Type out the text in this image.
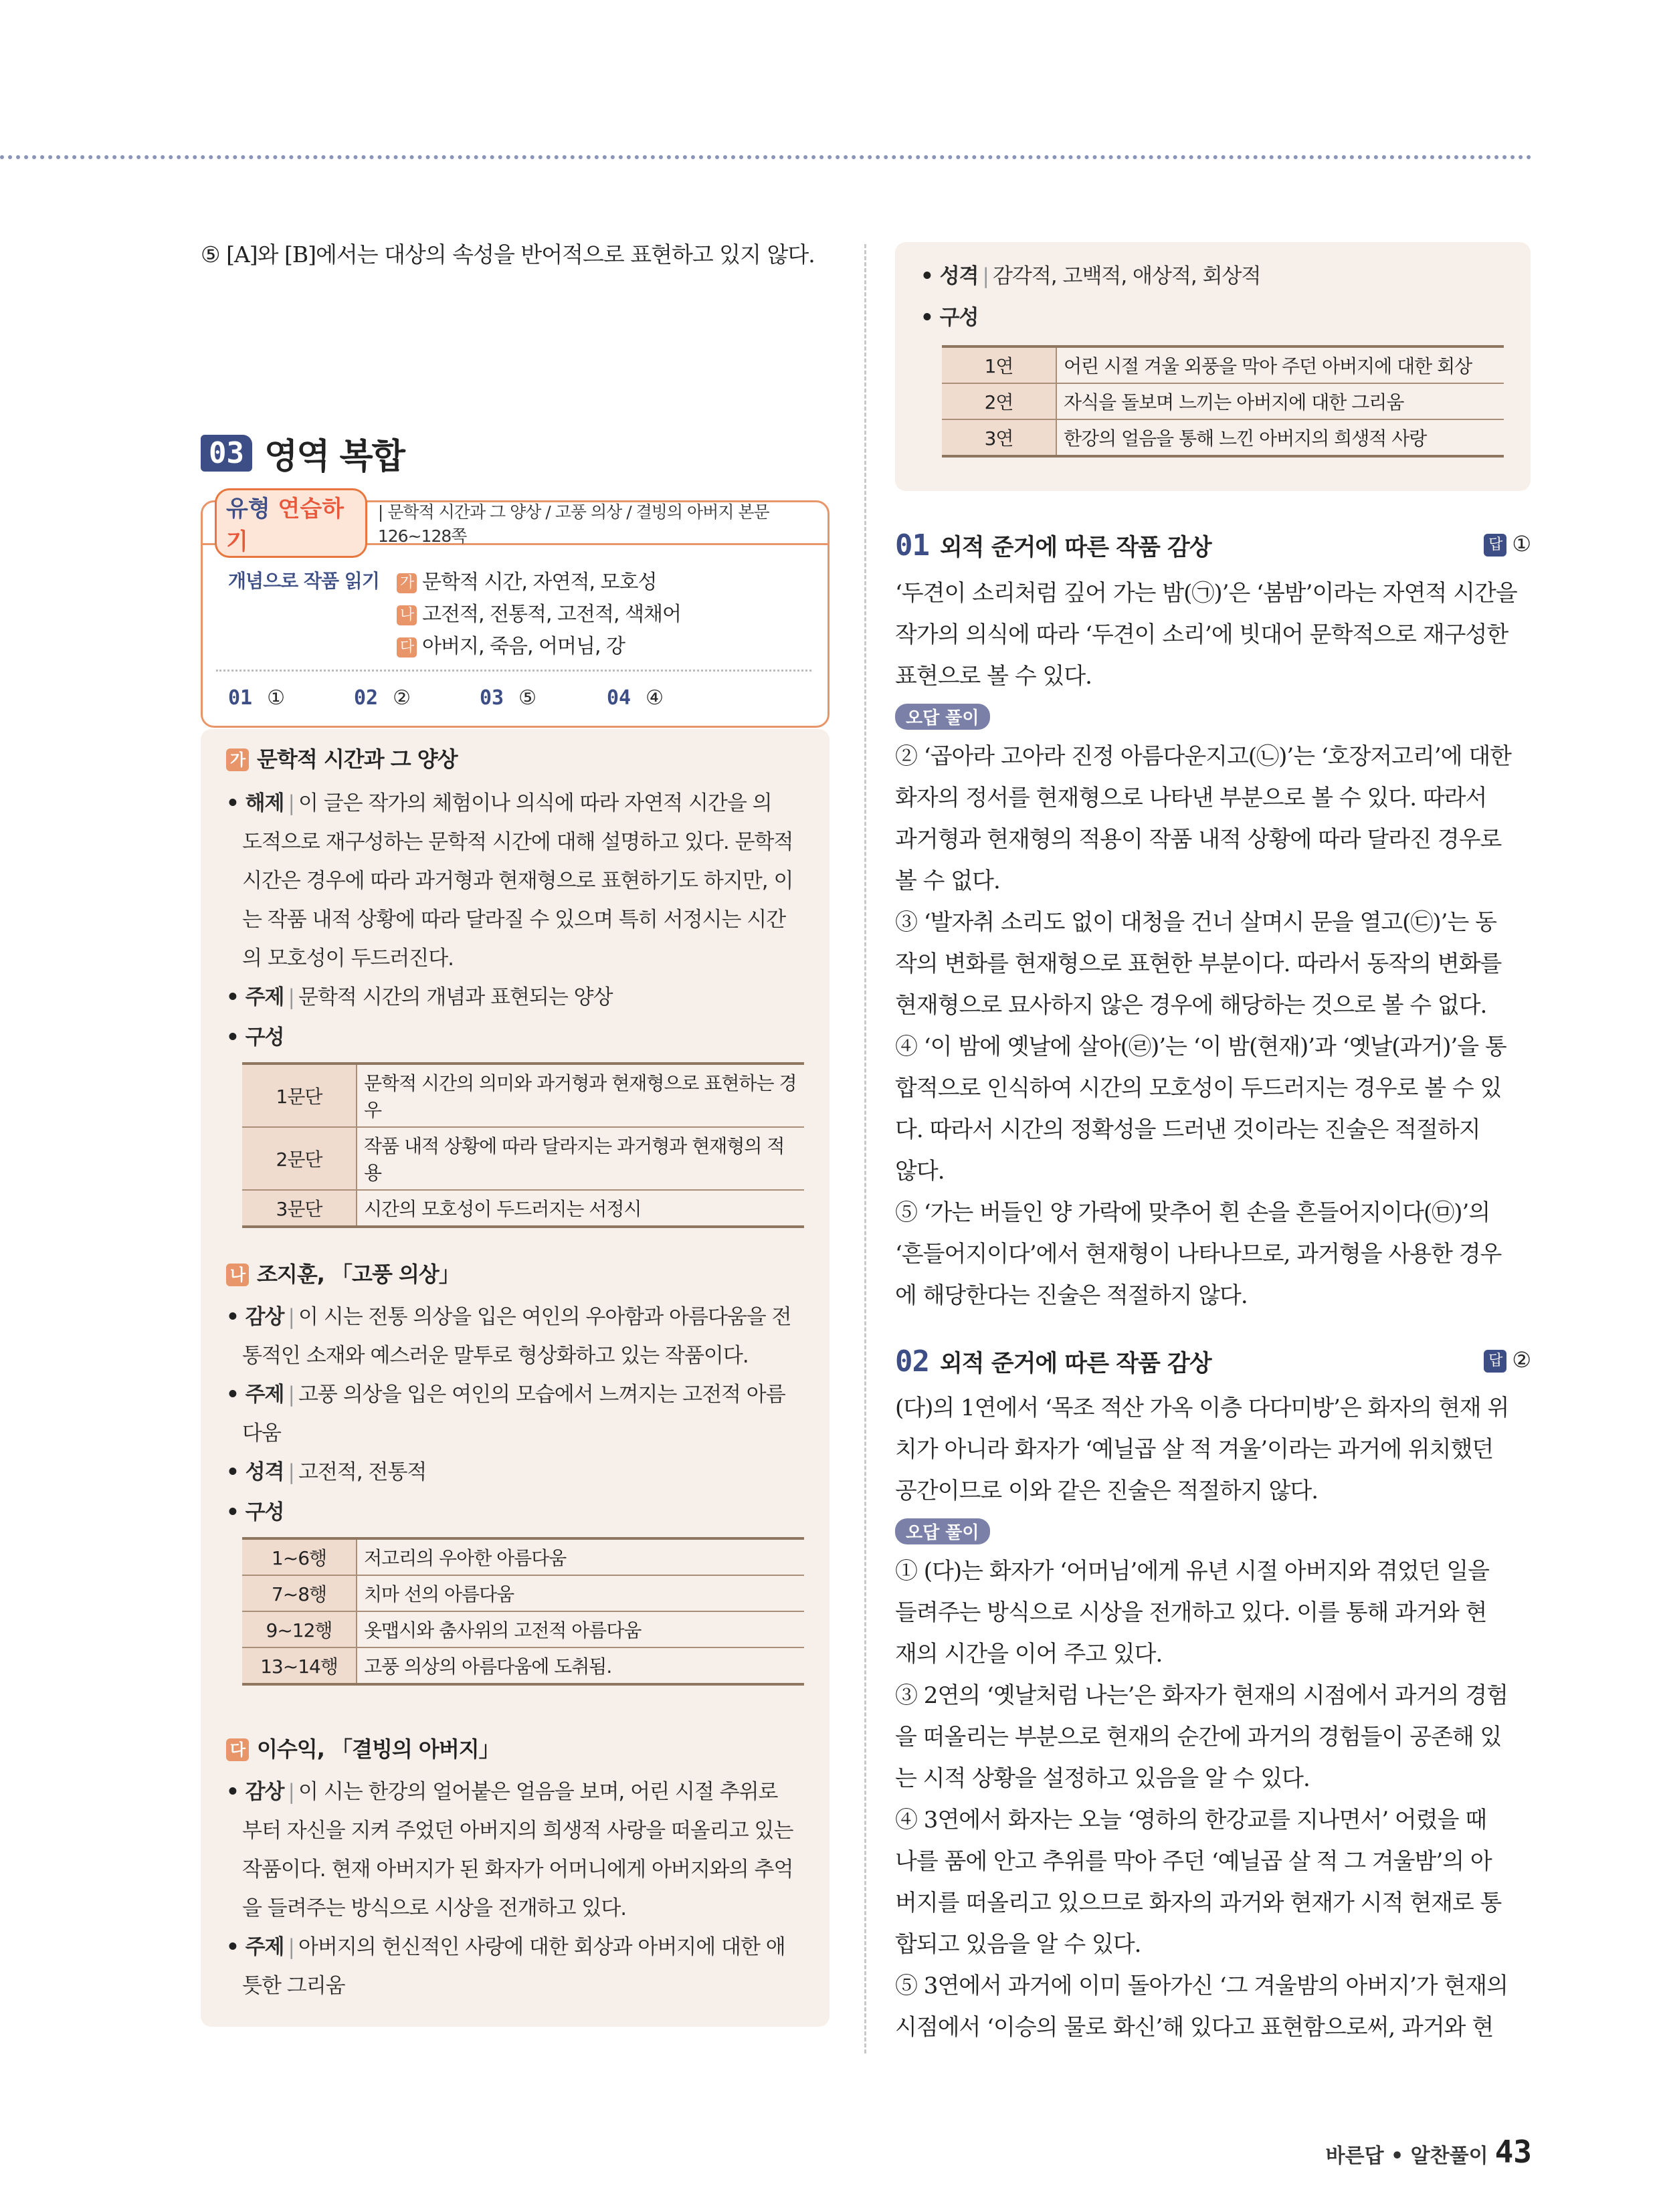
⑤ [A]와 [B]에서는 대상의 속성을 반어적으로 표현하고 있지 않다.
03 영역 복합
유형 연습하기
| 문학적 시간과 그 양상 / 고풍 의상 / 결빙의 아버지 본문 126~128쪽
개념으로 작품 읽기 가 문학적 시간, 자연적, 모호성
나 고전적, 전통적, 고전적, 색채어
다 아버지, 죽음, 어머님, 강
01 ①	02 ②	03 ⑤	04 ④
가 문학적 시간과 그 양상
• 해제 | 이 글은 작가의 체험이나 의식에 따라 자연적 시간을 의
도적으로 재구성하는 문학적 시간에 대해 설명하고 있다. 문학적
시간은 경우에 따라 과거형과 현재형으로 표현하기도 하지만, 이
는 작품 내적 상황에 따라 달라질 수 있으며 특히 서정시는 시간
의 모호성이 두드러진다.
• 주제 | 문학적 시간의 개념과 표현되는 양상
• 구성
1문단	문학적 시간의 의미와 과거형과 현재형으로 표현하는 경우
2문단	작품 내적 상황에 따라 달라지는 과거형과 현재형의 적용
3문단	시간의 모호성이 두드러지는 서정시
나 조지훈, 「고풍 의상」
• 감상 | 이 시는 전통 의상을 입은 여인의 우아함과 아름다움을 전
통적인 소재와 예스러운 말투로 형상화하고 있는 작품이다.
• 주제 | 고풍 의상을 입은 여인의 모습에서 느껴지는 고전적 아름
다움
• 성격 | 고전적, 전통적
• 구성
1~6행	저고리의 우아한 아름다움
7~8행	치마 선의 아름다움
9~12행	옷맵시와 춤사위의 고전적 아름다움
13~14행	고풍 의상의 아름다움에 도취됨.
다 이수익, 「결빙의 아버지」
• 감상 | 이 시는 한강의 얼어붙은 얼음을 보며, 어린 시절 추위로
부터 자신을 지켜 주었던 아버지의 희생적 사랑을 떠올리고 있는
작품이다. 현재 아버지가 된 화자가 어머니에게 아버지와의 추억
을 들려주는 방식으로 시상을 전개하고 있다.
• 주제 | 아버지의 헌신적인 사랑에 대한 회상과 아버지에 대한 애
틋한 그리움
• 성격 | 감각적, 고백적, 애상적, 회상적
• 구성
1연	어린 시절 겨울 외풍을 막아 주던 아버지에 대한 회상
2연	자식을 돌보며 느끼는 아버지에 대한 그리움
3연	한강의 얼음을 통해 느낀 아버지의 희생적 사랑
01 외적 준거에 따른 작품 감상	답 ①
‘두견이 소리처럼 깊어 가는 밤(㉠)’은 ‘봄밤’이라는 자연적 시간을
작가의 의식에 따라 ‘두견이 소리’에 빗대어 문학적으로 재구성한
표현으로 볼 수 있다.
오답 풀이
② ‘곱아라 고아라 진정 아름다운지고(㉡)’는 ‘호장저고리’에 대한
화자의 정서를 현재형으로 나타낸 부분으로 볼 수 있다. 따라서
과거형과 현재형의 적용이 작품 내적 상황에 따라 달라진 경우로
볼 수 없다.
③ ‘발자취 소리도 없이 대청을 건너 살며시 문을 열고(㉢)’는 동
작의 변화를 현재형으로 표현한 부분이다. 따라서 동작의 변화를
현재형으로 묘사하지 않은 경우에 해당하는 것으로 볼 수 없다.
④ ‘이 밤에 옛날에 살아(㉣)’는 ‘이 밤(현재)’과 ‘옛날(과거)’을 통
합적으로 인식하여 시간의 모호성이 두드러지는 경우로 볼 수 있
다. 따라서 시간의 정확성을 드러낸 것이라는 진술은 적절하지
않다.
⑤ ‘가는 버들인 양 가락에 맞추어 흰 손을 흔들어지이다(㉤)’의
‘흔들어지이다’에서 현재형이 나타나므로, 과거형을 사용한 경우
에 해당한다는 진술은 적절하지 않다.
02 외적 준거에 따른 작품 감상	답 ②
(다)의 1연에서 ‘목조 적산 가옥 이층 다다미방’은 화자의 현재 위
치가 아니라 화자가 ‘예닐곱 살 적 겨울’이라는 과거에 위치했던
공간이므로 이와 같은 진술은 적절하지 않다.
오답 풀이
① (다)는 화자가 ‘어머님’에게 유년 시절 아버지와 겪었던 일을
들려주는 방식으로 시상을 전개하고 있다. 이를 통해 과거와 현
재의 시간을 이어 주고 있다.
③ 2연의 ‘옛날처럼 나는’은 화자가 현재의 시점에서 과거의 경험
을 떠올리는 부분으로 현재의 순간에 과거의 경험들이 공존해 있
는 시적 상황을 설정하고 있음을 알 수 있다.
④ 3연에서 화자는 오늘 ‘영하의 한강교를 지나면서’ 어렸을 때
나를 품에 안고 추위를 막아 주던 ‘예닐곱 살 적 그 겨울밤’의 아
버지를 떠올리고 있으므로 화자의 과거와 현재가 시적 현재로 통
합되고 있음을 알 수 있다.
⑤ 3연에서 과거에 이미 돌아가신 ‘그 겨울밤의 아버지’가 현재의
시점에서 ‘이승의 물로 화신’해 있다고 표현함으로써, 과거와 현
바른답 • 알찬풀이 43
